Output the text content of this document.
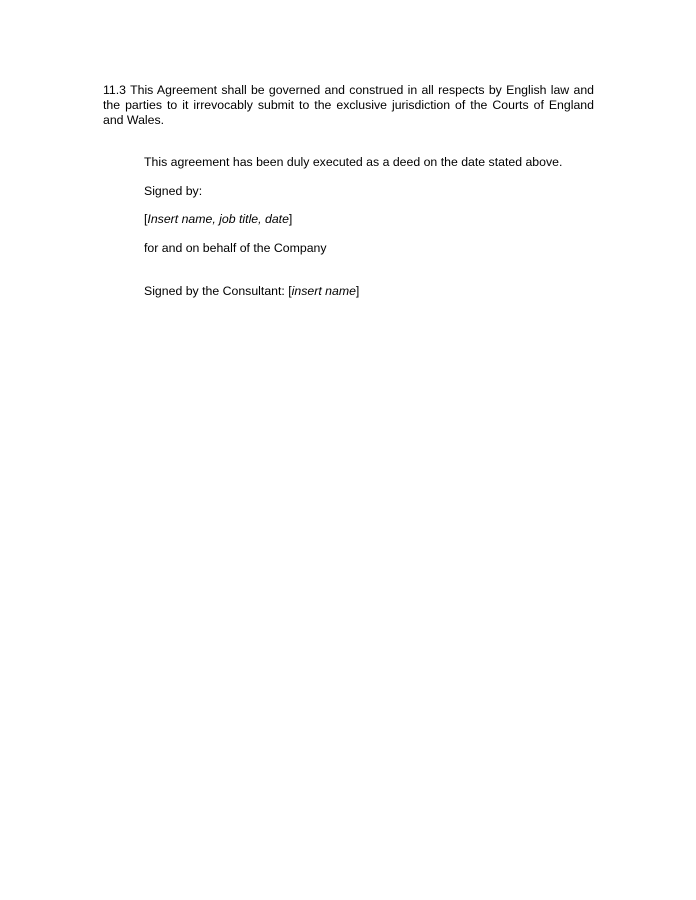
11.3 This Agreement shall be governed and construed in all respects by English law and the parties to it irrevocably submit to the exclusive jurisdiction of the Courts of England and Wales.

This agreement has been duly executed as a deed on the date stated above.

Signed by:

[Insert name, job title, date]

for and on behalf of the Company

Signed by the Consultant: [insert name]
